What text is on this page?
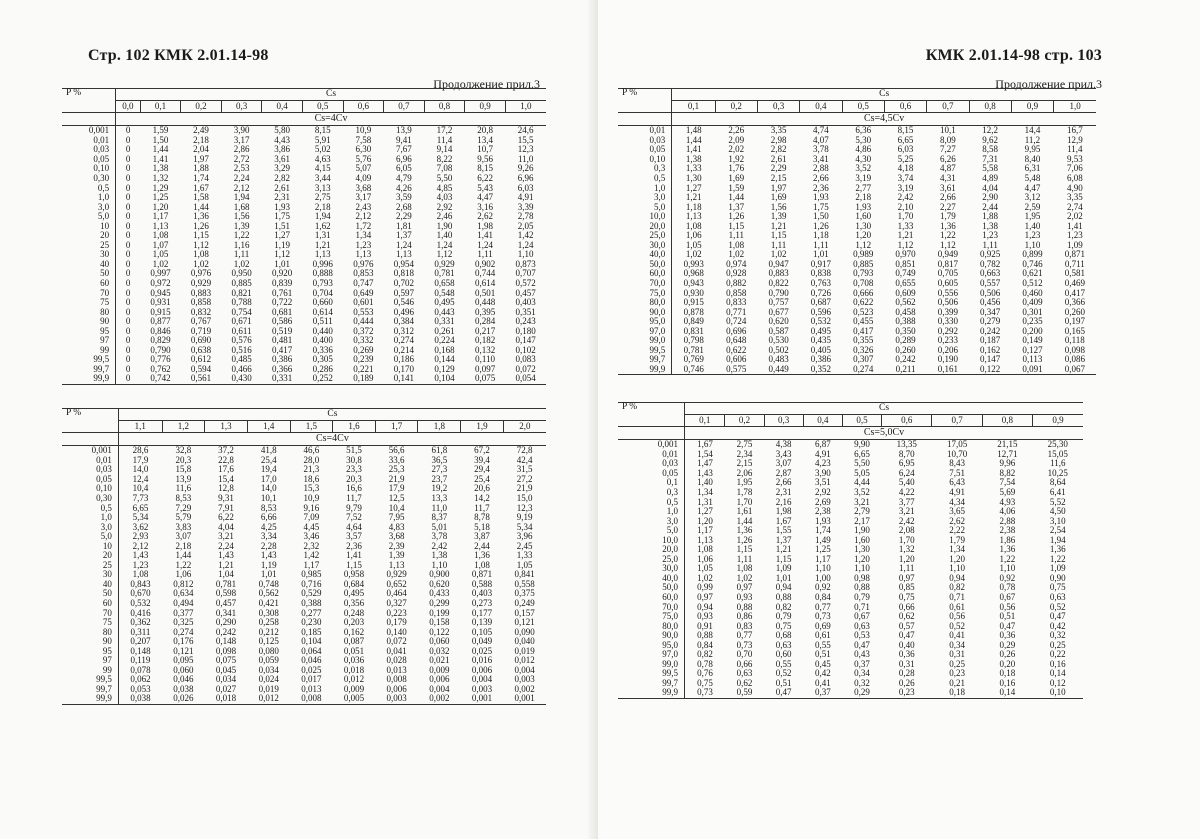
Стр. 102 КМК 2.01.14-98
Продолжение прил.3
P %	Cs										
	0,0	0,1	0,2	0,3	0,4	0,5	0,6	0,7	0,8	0,9	1,0
	Cs=4Cv										
0,001	0	1,59	2,49	3,90	5,80	8,15	10,9	13,9	17,2	20,8	24,6
0,01	0	1,50	2,18	3,17	4,43	5,91	7,58	9,41	11,4	13,4	15,5
0,03	0	1,44	2,04	2,86	3,86	5,02	6,30	7,67	9,14	10,7	12,3
0,05	0	1,41	1,97	2,72	3,61	4,63	5,76	6,96	8,22	9,56	11,0
0,10	0	1,38	1,88	2,53	3,29	4,15	5,07	6,05	7,08	8,15	9,26
0,30	0	1,32	1,74	2,24	2,82	3,44	4,09	4,79	5,50	6,22	6,96
0,5	0	1,29	1,67	2,12	2,61	3,13	3,68	4,26	4,85	5,43	6,03
1,0	0	1,25	1,58	1,94	2,31	2,75	3,17	3,59	4,03	4,47	4,91
3,0	0	1,20	1,44	1,68	1,93	2,18	2,43	2,68	2,92	3,16	3,39
5,0	0	1,17	1,36	1,56	1,75	1,94	2,12	2,29	2,46	2,62	2,78
10	0	1,13	1,26	1,39	1,51	1,62	1,72	1,81	1,90	1,98	2,05
20	0	1,08	1,15	1,22	1,27	1,31	1,34	1,37	1,40	1,41	1,42
25	0	1,07	1,12	1,16	1,19	1,21	1,23	1,24	1,24	1,24	1,24
30	0	1,05	1,08	1,11	1,12	1,13	1,13	1,13	1,12	1,11	1,10
40	0	1,02	1,02	1,02	1,01	0,996	0,976	0,954	0,929	0,902	0,873
50	0	0,997	0,976	0,950	0,920	0,888	0,853	0,818	0,781	0,744	0,707
60	0	0,972	0,929	0,885	0,839	0,793	0,747	0,702	0,658	0,614	0,572
70	0	0,945	0,883	0,821	0,761	0,704	0,649	0,597	0,548	0,501	0,457
75	0	0,931	0,858	0,788	0,722	0,660	0,601	0,546	0,495	0,448	0,403
80	0	0,915	0,832	0,754	0,681	0,614	0,553	0,496	0,443	0,395	0,351
90	0	0,877	0,767	0,671	0,586	0,511	0,444	0,384	0,331	0,284	0,243
95	0	0,846	0,719	0,611	0,519	0,440	0,372	0,312	0,261	0,217	0,180
97	0	0,829	0,690	0,576	0,481	0,400	0,332	0,274	0,224	0,182	0,147
99	0	0,790	0,638	0,516	0,417	0,336	0,269	0,214	0,168	0,132	0,102
99,5	0	0,776	0,612	0,485	0,386	0,305	0,239	0,186	0,144	0,110	0,083
99,7	0	0,762	0,594	0,466	0,366	0,286	0,221	0,170	0,129	0,097	0,072
99,9	0	0,742	0,561	0,430	0,331	0,252	0,189	0,141	0,104	0,075	0,054
P %	Cs									
	1,1	1,2	1,3	1,4	1,5	1,6	1,7	1,8	1,9	2,0
	Cs=4Cv									
0,001	28,6	32,8	37,2	41,8	46,6	51,5	56,6	61,8	67,2	72,8
0,01	17,9	20,3	22,8	25,4	28,0	30,8	33,6	36,5	39,4	42,4
0,03	14,0	15,8	17,6	19,4	21,3	23,3	25,3	27,3	29,4	31,5
0,05	12,4	13,9	15,4	17,0	18,6	20,3	21,9	23,7	25,4	27,2
0,10	10,4	11,6	12,8	14,0	15,3	16,6	17,9	19,2	20,6	21,9
0,30	7,73	8,53	9,31	10,1	10,9	11,7	12,5	13,3	14,2	15,0
0,5	6,65	7,29	7,91	8,53	9,16	9,79	10,4	11,0	11,7	12,3
1,0	5,34	5,79	6,22	6,66	7,09	7,52	7,95	8,37	8,78	9,19
3,0	3,62	3,83	4,04	4,25	4,45	4,64	4,83	5,01	5,18	5,34
5,0	2,93	3,07	3,21	3,34	3,46	3,57	3,68	3,78	3,87	3,96
10	2,12	2,18	2,24	2,28	2,32	2,36	2,39	2,42	2,44	2,45
20	1,43	1,44	1,43	1,43	1,42	1,41	1,39	1,38	1,36	1,33
25	1,23	1,22	1,21	1,19	1,17	1,15	1,13	1,10	1,08	1,05
30	1,08	1,06	1,04	1,01	0,985	0,958	0,929	0,900	0,871	0,841
40	0,843	0,812	0,781	0,748	0,716	0,684	0,652	0,620	0,588	0,558
50	0,670	0,634	0,598	0,562	0,529	0,495	0,464	0,433	0,403	0,375
60	0,532	0,494	0,457	0,421	0,388	0,356	0,327	0,299	0,273	0,249
70	0,416	0,377	0,341	0,308	0,277	0,248	0,223	0,199	0,177	0,157
75	0,362	0,325	0,290	0,258	0,230	0,203	0,179	0,158	0,139	0,121
80	0,311	0,274	0,242	0,212	0,185	0,162	0,140	0,122	0,105	0,090
90	0,207	0,176	0,148	0,125	0,104	0,087	0,072	0,060	0,049	0,040
95	0,148	0,121	0,098	0,080	0,064	0,051	0,041	0,032	0,025	0,019
97	0,119	0,095	0,075	0,059	0,046	0,036	0,028	0,021	0,016	0,012
99	0,078	0,060	0,045	0,034	0,025	0,018	0,013	0,009	0,006	0,004
99,5	0,062	0,046	0,034	0,024	0,017	0,012	0,008	0,006	0,004	0,003
99,7	0,053	0,038	0,027	0,019	0,013	0,009	0,006	0,004	0,003	0,002
99,9	0,038	0,026	0,018	0,012	0,008	0,005	0,003	0,002	0,001	0,001
КМК 2.01.14-98 стр. 103
Продолжение прил.3
P %	Cs									
	0,1	0,2	0,3	0,4	0,5	0,6	0,7	0,8	0,9	1,0
	Cs=4,5Cv									
0,01	1,48	2,26	3,35	4,74	6,36	8,15	10,1	12,2	14,4	16,7
0,03	1,44	2,09	2,98	4,07	5,30	6,65	8,09	9,62	11,2	12,9
0,05	1,41	2,02	2,82	3,78	4,86	6,03	7,27	8,58	9,95	11,4
0,10	1,38	1,92	2,61	3,41	4,30	5,25	6,26	7,31	8,40	9,53
0,3	1,33	1,76	2,29	2,88	3,52	4,18	4,87	5,58	6,31	7,06
0,5	1,30	1,69	2,15	2,66	3,19	3,74	4,31	4,89	5,48	6,08
1,0	1,27	1,59	1,97	2,36	2,77	3,19	3,61	4,04	4,47	4,90
3,0	1,21	1,44	1,69	1,93	2,18	2,42	2,66	2,90	3,12	3,35
5,0	1,18	1,37	1,56	1,75	1,93	2,10	2,27	2,44	2,59	2,74
10,0	1,13	1,26	1,39	1,50	1,60	1,70	1,79	1,88	1,95	2,02
20,0	1,08	1,15	1,21	1,26	1,30	1,33	1,36	1,38	1,40	1,41
25,0	1,06	1,11	1,15	1,18	1,20	1,21	1,22	1,23	1,23	1,23
30,0	1,05	1,08	1,11	1,11	1,12	1,12	1,12	1,11	1,10	1,09
40,0	1,02	1,02	1,02	1,01	0,989	0,970	0,949	0,925	0,899	0,871
50,0	0,993	0,974	0,947	0,917	0,885	0,851	0,817	0,782	0,746	0,711
60,0	0,968	0,928	0,883	0,838	0,793	0,749	0,705	0,663	0,621	0,581
70,0	0,943	0,882	0,822	0,763	0,708	0,655	0,605	0,557	0,512	0,469
75,0	0,930	0,858	0,790	0,726	0,666	0,609	0,556	0,506	0,460	0,417
80,0	0,915	0,833	0,757	0,687	0,622	0,562	0,506	0,456	0,409	0,366
90,0	0,878	0,771	0,677	0,596	0,523	0,458	0,399	0,347	0,301	0,260
95,0	0,849	0,724	0,620	0,532	0,455	0,388	0,330	0,279	0,235	0,197
97,0	0,831	0,696	0,587	0,495	0,417	0,350	0,292	0,242	0,200	0,165
99,0	0,798	0,648	0,530	0,435	0,355	0,289	0,233	0,187	0,149	0,118
99,5	0,781	0,622	0,502	0,405	0,326	0,260	0,206	0,162	0,127	0,098
99,7	0,769	0,606	0,483	0,386	0,307	0,242	0,190	0,147	0,113	0,086
99,9	0,746	0,575	0,449	0,352	0,274	0,211	0,161	0,122	0,091	0,067
P %	Cs								
	0,1	0,2	0,3	0,4	0,5	0,6	0,7	0,8	0,9
	Cs=5,0Cv								
0,001	1,67	2,75	4,38	6,87	9,90	13,35	17,05	21,15	25,30
0,01	1,54	2,34	3,43	4,91	6,65	8,70	10,70	12,71	15,05
0,03	1,47	2,15	3,07	4,23	5,50	6,95	8,43	9,96	11,6
0,05	1,43	2,06	2,87	3,90	5,05	6,24	7,51	8,82	10,25
0,1	1,40	1,95	2,66	3,51	4,44	5,40	6,43	7,54	8,64
0,3	1,34	1,78	2,31	2,92	3,52	4,22	4,91	5,69	6,41
0,5	1,31	1,70	2,16	2,69	3,21	3,77	4,34	4,93	5,52
1,0	1,27	1,61	1,98	2,38	2,79	3,21	3,65	4,06	4,50
3,0	1,20	1,44	1,67	1,93	2,17	2,42	2,62	2,88	3,10
5,0	1,17	1,36	1,55	1,74	1,90	2,08	2,22	2,38	2,54
10,0	1,13	1,26	1,37	1,49	1,60	1,70	1,79	1,86	1,94
20,0	1,08	1,15	1,21	1,25	1,30	1,32	1,34	1,36	1,36
25,0	1,06	1,11	1,15	1,17	1,20	1,20	1,20	1,22	1,22
30,0	1,05	1,08	1,09	1,10	1,10	1,11	1,10	1,10	1,09
40,0	1,02	1,02	1,01	1,00	0,98	0,97	0,94	0,92	0,90
50,0	0,99	0,97	0,94	0,92	0,88	0,85	0,82	0,78	0,75
60,0	0,97	0,93	0,88	0,84	0,79	0,75	0,71	0,67	0,63
70,0	0,94	0,88	0,82	0,77	0,71	0,66	0,61	0,56	0,52
75,0	0,93	0,86	0,79	0,73	0,67	0,62	0,56	0,51	0,47
80,0	0,91	0,83	0,75	0,69	0,63	0,57	0,52	0,47	0,42
90,0	0,88	0,77	0,68	0,61	0,53	0,47	0,41	0,36	0,32
95,0	0,84	0,73	0,63	0,55	0,47	0,40	0,34	0,29	0,25
97,0	0,82	0,70	0,60	0,51	0,43	0,36	0,31	0,26	0,22
99,0	0,78	0,66	0,55	0,45	0,37	0,31	0,25	0,20	0,16
99,5	0,76	0,63	0,52	0,42	0,34	0,28	0,23	0,18	0,14
99,7	0,75	0,62	0,51	0,41	0,32	0,26	0,21	0,16	0,12
99,9	0,73	0,59	0,47	0,37	0,29	0,23	0,18	0,14	0,10
